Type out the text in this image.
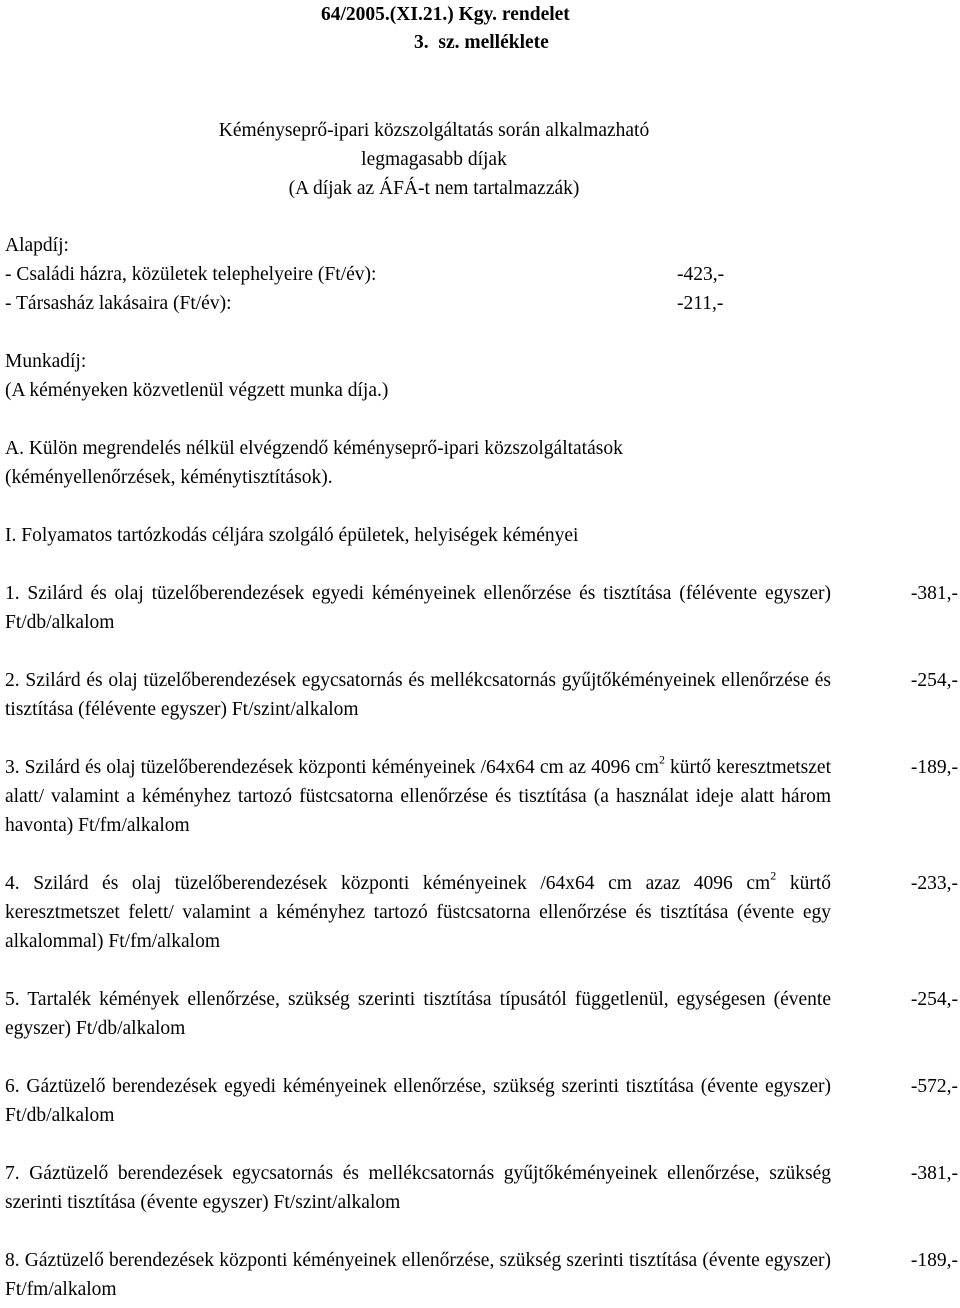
64/2005.(XI.21.) Kgy. rendelet

3.  sz. melléklete

Kéményseprő-ipari közszolgáltatás során alkalmazható
legmagasabb díjak
(A díjak az ÁFÁ-t nem tartalmazzák)

Alapdíj:

- Családi házra, közületek telephelyeire (Ft/év):	-423,-

- Társasház lakásaira (Ft/év):	-211,-

Munkadíj:

(A kéményeken közvetlenül végzett munka díja.)

A. Külön megrendelés nélkül elvégzendő kéményseprő-ipari közszolgáltatások

(kéményellenőrzések, kéménytisztítások).

I. Folyamatos tartózkodás céljára szolgáló épületek, helyiségek kéményei

1. Szilárd és olaj tüzelőberendezések egyedi kéményeinek ellenőrzése és tisztítása (félévente egyszer) Ft/db/alkalom

-381,-

2. Szilárd és olaj tüzelőberendezések egycsatornás és mellékcsatornás gyűjtőkéményeinek ellenőrzése és tisztítása (félévente egyszer) Ft/szint/alkalom

-254,-

3. Szilárd és olaj tüzelőberendezések központi kéményeinek /64x64 cm az 4096 $cm^2$ kürtő keresztmetszet alatt/ valamint a kéményhez tartozó füstcsatorna ellenőrzése és tisztítása (a használat ideje alatt három havonta) Ft/fm/alkalom

-189,-

4. Szilárd és olaj tüzelőberendezések központi kéményeinek /64x64 cm azaz 4096 $cm^2$ kürtő keresztmetszet felett/ valamint a kéményhez tartozó füstcsatorna ellenőrzése és tisztítása (évente egy alkalommal) Ft/fm/alkalom

-233,-

5. Tartalék kémények ellenőrzése, szükség szerinti tisztítása típusától függetlenül, egységesen (évente egyszer) Ft/db/alkalom

-254,-

6. Gáztüzelő berendezések egyedi kéményeinek ellenőrzése, szükség szerinti tisztítása (évente egyszer) Ft/db/alkalom

-572,-

7. Gáztüzelő berendezések egycsatornás és mellékcsatornás gyűjtőkéményeinek ellenőrzése, szükség szerinti tisztítása (évente egyszer) Ft/szint/alkalom

-381,-

8. Gáztüzelő berendezések központi kéményeinek ellenőrzése, szükség szerinti tisztítása (évente egyszer) Ft/fm/alkalom

-189,-
